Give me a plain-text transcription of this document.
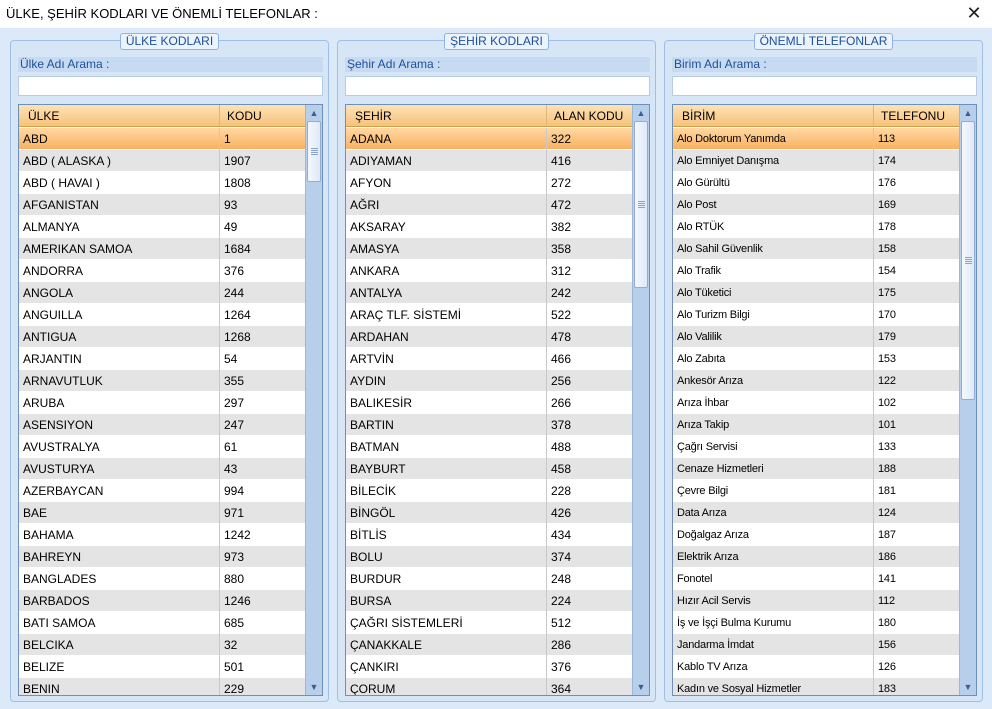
ÜLKE, ŞEHİR KODLARI VE ÖNEMLİ TELEFONLAR :	✕
ÜLKE KODLARI
Ülke Adı Arama :
ÜLKE	KODU
ABD	1
ABD ( ALASKA )	1907
ABD ( HAVAI )	1808
AFGANISTAN	93
ALMANYA	49
AMERIKAN SAMOA	1684
ANDORRA	376
ANGOLA	244
ANGUILLA	1264
ANTIGUA	1268
ARJANTIN	54
ARNAVUTLUK	355
ARUBA	297
ASENSIYON	247
AVUSTRALYA	61
AVUSTURYA	43
AZERBAYCAN	994
BAE	971
BAHAMA	1242
BAHREYN	973
BANGLADES	880
BARBADOS	1246
BATI SAMOA	685
BELCIKA	32
BELIZE	501
BENIN	229
▲
▼
ŞEHİR KODLARI
Şehir Adı Arama :
ŞEHİR	ALAN KODU
ADANA	322
ADIYAMAN	416
AFYON	272
AĞRI	472
AKSARAY	382
AMASYA	358
ANKARA	312
ANTALYA	242
ARAÇ TLF. SİSTEMİ	522
ARDAHAN	478
ARTVİN	466
AYDIN	256
BALIKESİR	266
BARTIN	378
BATMAN	488
BAYBURT	458
BİLECİK	228
BİNGÖL	426
BİTLİS	434
BOLU	374
BURDUR	248
BURSA	224
ÇAĞRI SİSTEMLERİ	512
ÇANAKKALE	286
ÇANKIRI	376
ÇORUM	364
▲
▼
ÖNEMLİ TELEFONLAR
Birim Adı Arama :
BİRİM	TELEFONU
Alo Doktorum Yanımda	113
Alo Emniyet Danışma	174
Alo Gürültü	176
Alo Post	169
Alo RTÜK	178
Alo Sahil Güvenlik	158
Alo Trafik	154
Alo Tüketici	175
Alo Turizm Bilgi	170
Alo Valilik	179
Alo Zabıta	153
Ankesör Arıza	122
Arıza İhbar	102
Arıza Takip	101
Çağrı Servisi	133
Cenaze Hizmetleri	188
Çevre Bilgi	181
Data Arıza	124
Doğalgaz Arıza	187
Elektrik Arıza	186
Fonotel	141
Hızır Acil Servis	112
İş ve İşçi Bulma Kurumu	180
Jandarma İmdat	156
Kablo TV Arıza	126
Kadın ve Sosyal Hizmetler	183
▲
▼
